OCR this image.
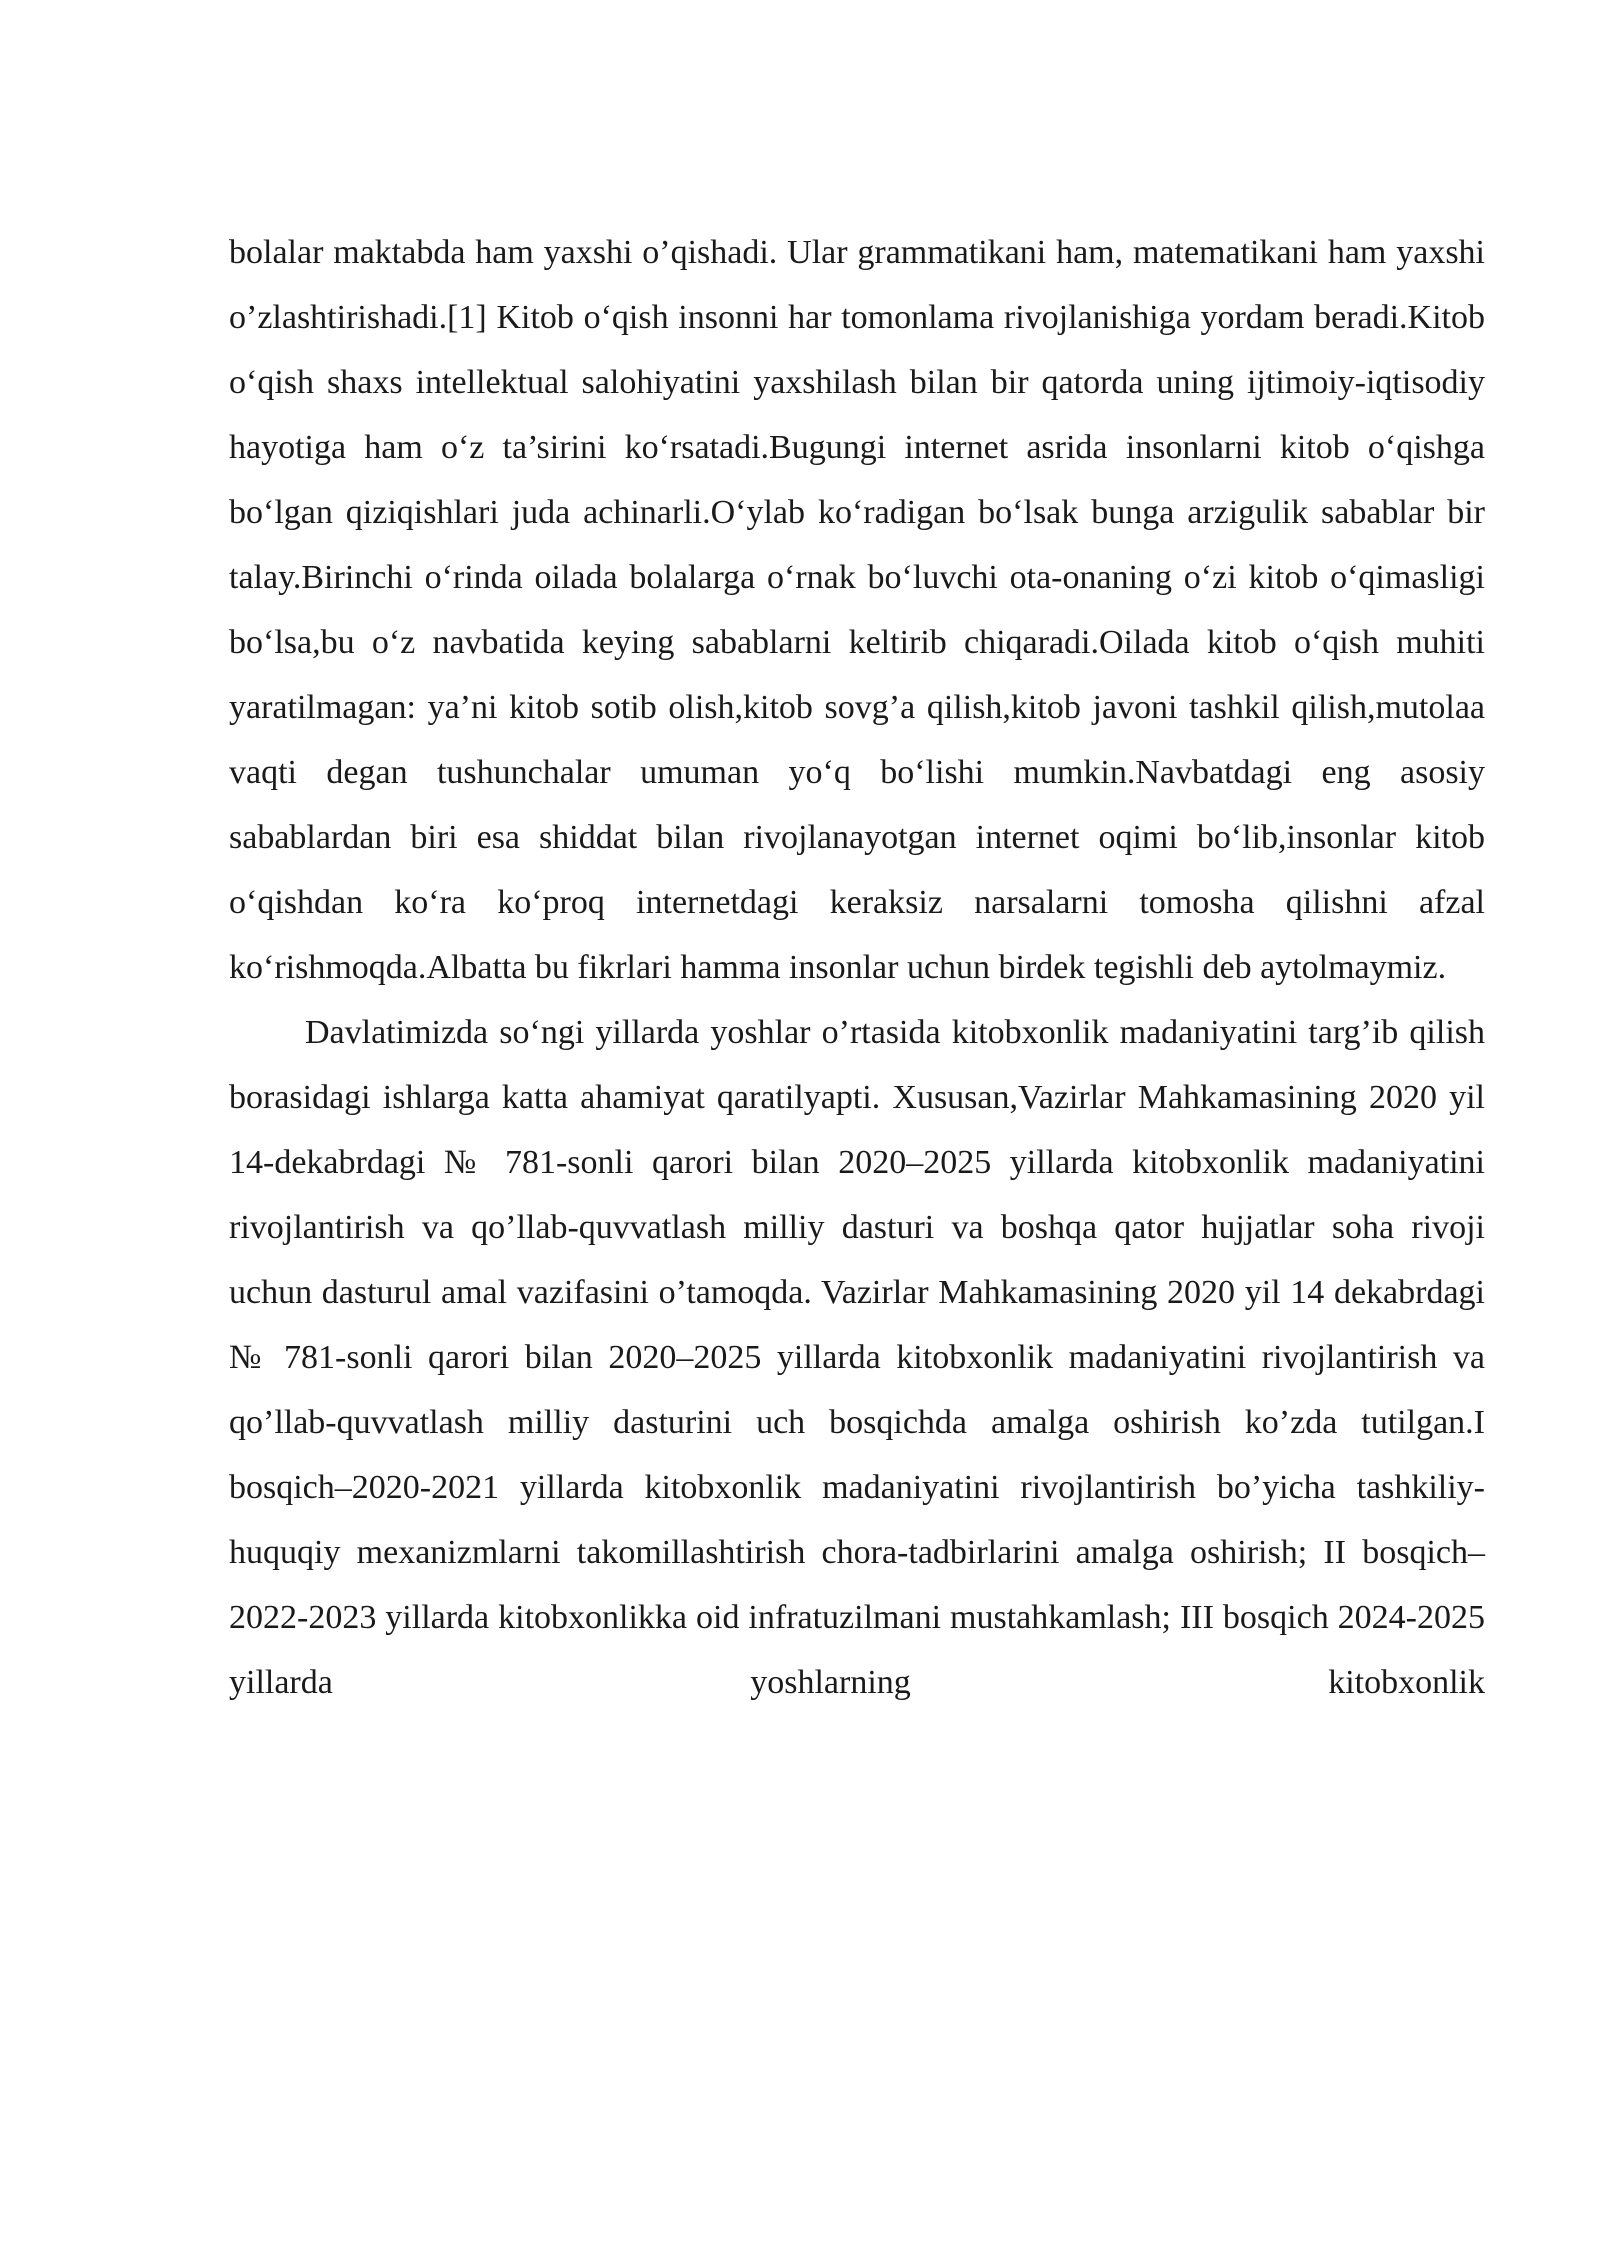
bolalar maktabda ham yaxshi o’qishadi. Ular grammatikani ham, matematikani ham yaxshi o’zlashtirishadi.[1] Kitob oʻqish insonni har tomonlama rivojlanishiga yordam beradi.Kitob oʻqish shaxs intellektual salohiyatini yaxshilash bilan bir qatorda uning ijtimoiy-iqtisodiy hayotiga ham oʻz ta’sirini koʻrsatadi.Bugungi internet asrida insonlarni kitob oʻqishga boʻlgan qiziqishlari juda achinarli.Oʻylab koʻradigan boʻlsak bunga arzigulik sabablar bir talay.Birinchi oʻrinda oilada bolalarga oʻrnak boʻluvchi ota-onaning oʻzi kitob oʻqimasligi boʻlsa,bu oʻz navbatida keying sabablarni keltirib chiqaradi.Oilada kitob oʻqish muhiti yaratilmagan: ya’ni kitob sotib olish,kitob sovg’a qilish,kitob javoni tashkil qilish,mutolaa vaqti degan tushunchalar umuman yoʻq boʻlishi mumkin.Navbatdagi eng asosiy sabablardan biri esa shiddat bilan rivojlanayotgan internet oqimi boʻlib,insonlar kitob oʻqishdan koʻra koʻproq internetdagi keraksiz narsalarni tomosha qilishni afzal koʻrishmoqda.Albatta bu fikrlari hamma insonlar uchun birdek tegishli deb aytolmaymiz.

Davlatimizda soʻngi yillarda yoshlar o’rtasida kitobxonlik madaniyatini targ’ib qilish borasidagi ishlarga katta ahamiyat qaratilyapti. Xususan,Vazirlar Mahkamasining 2020 yil 14-dekabrdagi № 781-sonli qarori bilan 2020–2025 yillarda kitobxonlik madaniyatini rivojlantirish va qo’llab-quvvatlash milliy dasturi va boshqa qator hujjatlar soha rivoji uchun dasturul amal vazifasini o’tamoqda. Vazirlar Mahkamasining 2020 yil 14 dekabrdagi № 781-sonli qarori bilan 2020–2025 yillarda kitobxonlik madaniyatini rivojlantirish va qo’llab-quvvatlash milliy dasturini uch bosqichda amalga oshirish ko’zda tutilgan.I bosqich–2020-2021 yillarda kitobxonlik madaniyatini rivojlantirish bo’yicha tashkiliy-huquqiy mexanizmlarni takomillashtirish chora-tadbirlarini amalga oshirish; II bosqich–2022-2023 yillarda kitobxonlikka oid infratuzilmani mustahkamlash; III bosqich 2024-2025 yillarda yoshlarning kitobxonlik
